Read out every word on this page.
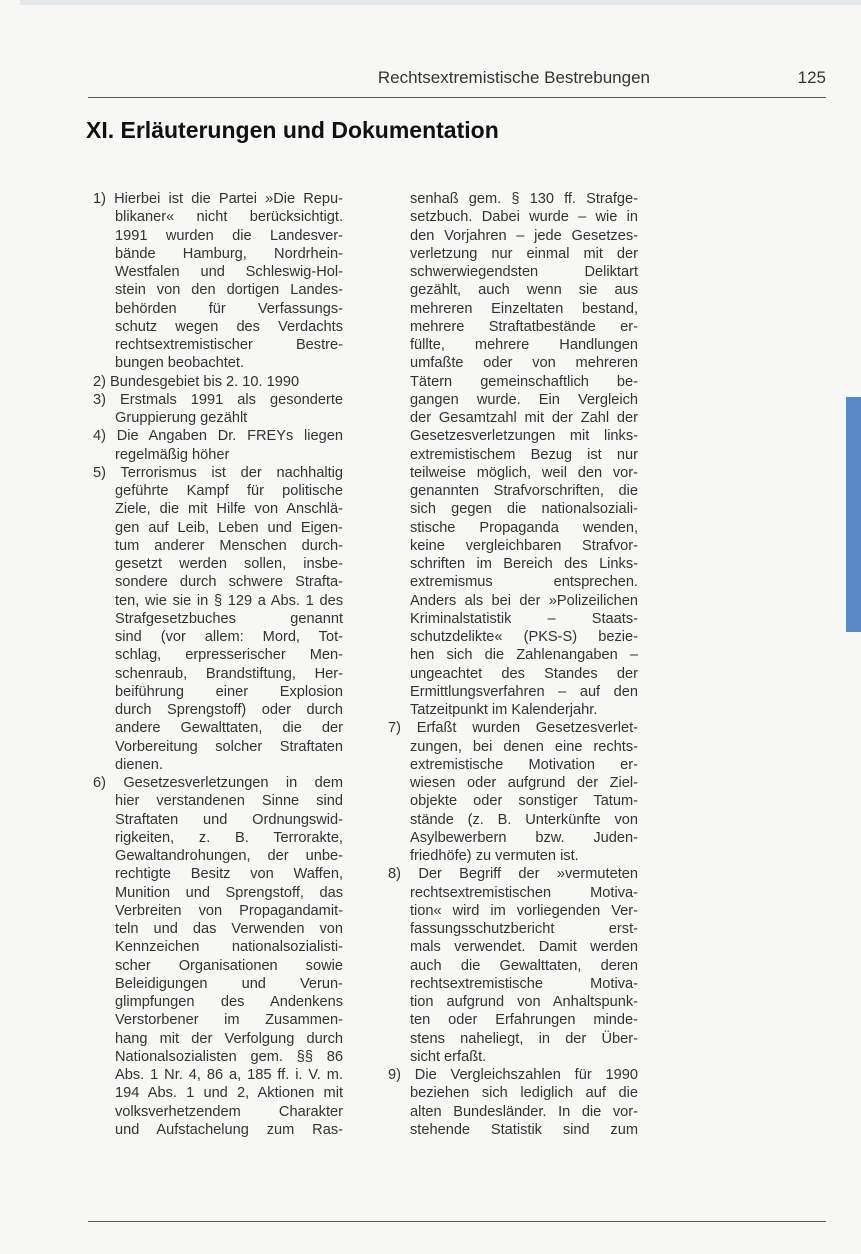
Rechtsextremistische Bestrebungen	125
XI. Erläuterungen und Dokumentation
1) Hierbei ist die Partei »Die Repu-
blikaner« nicht berücksichtigt.
1991 wurden die Landesver-
bände Hamburg, Nordrhein-
Westfalen und Schleswig-Hol-
stein von den dortigen Landes-
behörden für Verfassungs-
schutz wegen des Verdachts
rechtsextremistischer Bestre-
bungen beobachtet.
2) Bundesgebiet bis 2. 10. 1990
3) Erstmals 1991 als gesonderte
Gruppierung gezählt
4) Die Angaben Dr. FREYs liegen
regelmäßig höher
5) Terrorismus ist der nachhaltig
geführte Kampf für politische
Ziele, die mit Hilfe von Anschlä-
gen auf Leib, Leben und Eigen-
tum anderer Menschen durch-
gesetzt werden sollen, insbe-
sondere durch schwere Strafta-
ten, wie sie in § 129 a Abs. 1 des
Strafgesetzbuches genannt
sind (vor allem: Mord, Tot-
schlag, erpresserischer Men-
schenraub, Brandstiftung, Her-
beiführung einer Explosion
durch Sprengstoff) oder durch
andere Gewalttaten, die der
Vorbereitung solcher Straftaten
dienen.
6) Gesetzesverletzungen in dem
hier verstandenen Sinne sind
Straftaten und Ordnungswid-
rigkeiten, z. B. Terrorakte,
Gewaltandrohungen, der unbe-
rechtigte Besitz von Waffen,
Munition und Sprengstoff, das
Verbreiten von Propagandamit-
teln und das Verwenden von
Kennzeichen nationalsozialisti-
scher Organisationen sowie
Beleidigungen und Verun-
glimpfungen des Andenkens
Verstorbener im Zusammen-
hang mit der Verfolgung durch
Nationalsozialisten gem. §§ 86
Abs. 1 Nr. 4, 86 a, 185 ff. i. V. m.
194 Abs. 1 und 2, Aktionen mit
volksverhetzendem Charakter
und Aufstachelung zum Ras-
senhaß gem. § 130 ff. Strafge-
setzbuch. Dabei wurde – wie in
den Vorjahren – jede Gesetzes-
verletzung nur einmal mit der
schwerwiegendsten Deliktart
gezählt, auch wenn sie aus
mehreren Einzeltaten bestand,
mehrere Straftatbestände er-
füllte, mehrere Handlungen
umfaßte oder von mehreren
Tätern gemeinschaftlich be-
gangen wurde. Ein Vergleich
der Gesamtzahl mit der Zahl der
Gesetzesverletzungen mit links-
extremistischem Bezug ist nur
teilweise möglich, weil den vor-
genannten Strafvorschriften, die
sich gegen die nationalsoziali-
stische Propaganda wenden,
keine vergleichbaren Strafvor-
schriften im Bereich des Links-
extremismus entsprechen.
Anders als bei der »Polizeilichen
Kriminalstatistik – Staats-
schutzdelikte« (PKS-S) bezie-
hen sich die Zahlenangaben –
ungeachtet des Standes der
Ermittlungsverfahren – auf den
Tatzeitpunkt im Kalenderjahr.
7) Erfaßt wurden Gesetzesverlet-
zungen, bei denen eine rechts-
extremistische Motivation er-
wiesen oder aufgrund der Ziel-
objekte oder sonstiger Tatum-
stände (z. B. Unterkünfte von
Asylbewerbern bzw. Juden-
friedhöfe) zu vermuten ist.
8) Der Begriff der »vermuteten
rechtsextremistischen Motiva-
tion« wird im vorliegenden Ver-
fassungsschutzbericht erst-
mals verwendet. Damit werden
auch die Gewalttaten, deren
rechtsextremistische Motiva-
tion aufgrund von Anhaltspunk-
ten oder Erfahrungen minde-
stens naheliegt, in der Über-
sicht erfaßt.
9) Die Vergleichszahlen für 1990
beziehen sich lediglich auf die
alten Bundesländer. In die vor-
stehende Statistik sind zum
